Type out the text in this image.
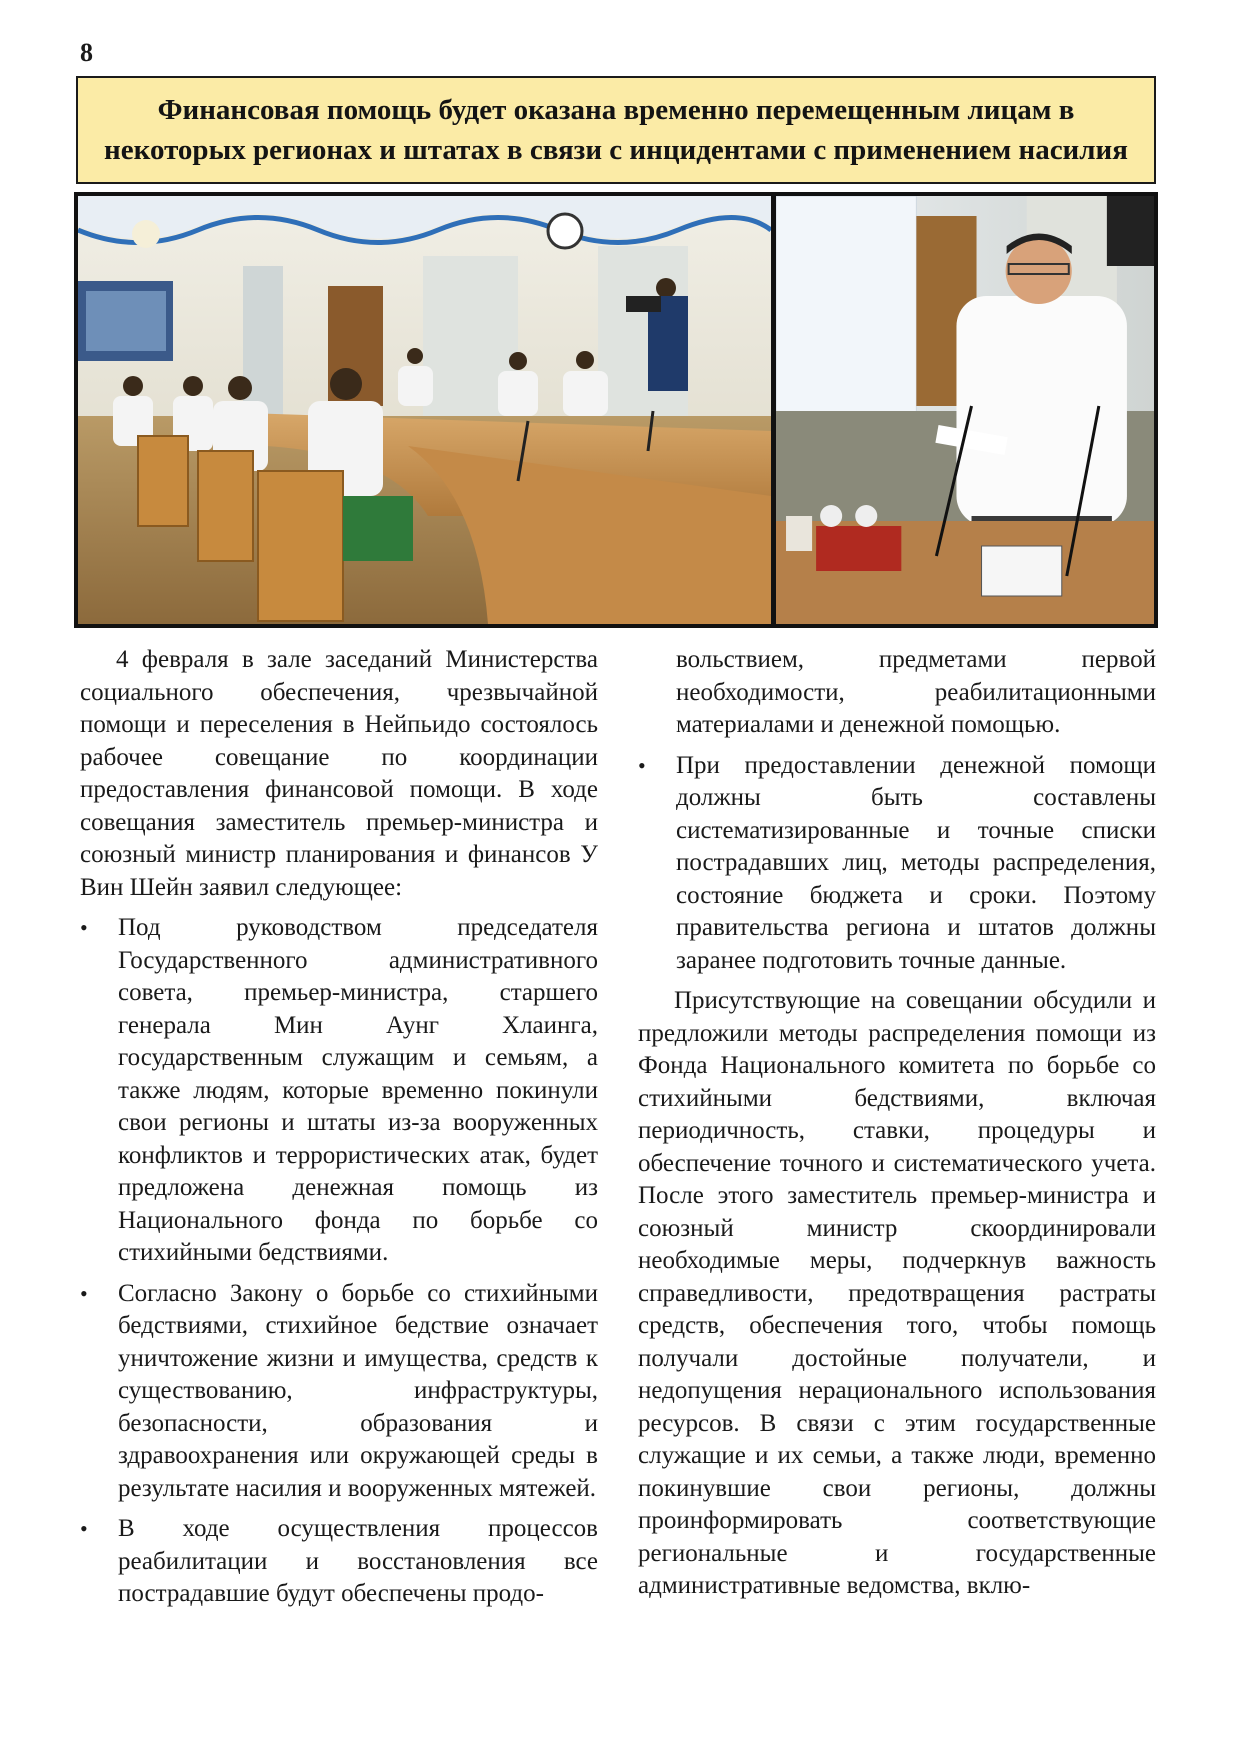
8
Финансовая помощь будет оказана временно перемещенным лицам в некоторых регионах и штатах в связи с инцидентами с применением насилия

4 февраля в зале заседаний Министерства социального обеспечения, чрезвычайной помощи и переселения в Нейпьидо состоялось рабочее совещание по координации предоставления финансовой помощи. В ходе совещания заместитель премьер-министра и союзный министр планирования и финансов У Вин Шейн заявил следующее:

• Под руководством председателя Государственного административного совета, премьер-министра, старшего генерала Мин Аунг Хлаинга, государственным служащим и семьям, а также людям, которые временно покинули свои регионы и штаты из-за вооруженных конфликтов и террористических атак, будет предложена денежная помощь из Национального фонда по борьбе со стихийными бедствиями.
• Согласно Закону о борьбе со стихийными бедствиями, стихийное бедствие означает уничтожение жизни и имущества, средств к существованию, инфраструктуры, безопасности, образования и здравоохранения или окружающей среды в результате насилия и вооруженных мятежей.
• В ходе осуществления процессов реабилитации и восстановления все пострадавшие будут обеспечены продо-
вольствием, предметами первой необходимости, реабилитационными материалами и денежной помощью.
• При предоставлении денежной помощи должны быть составлены систематизированные и точные списки пострадавших лиц, методы распределения, состояние бюджета и сроки. Поэтому правительства региона и штатов должны заранее подготовить точные данные.

Присутствующие на совещании обсудили и предложили методы распределения помощи из Фонда Национального комитета по борьбе со стихийными бедствиями, включая периодичность, ставки, процедуры и обеспечение точного и систематического учета. После этого заместитель премьер-министра и союзный министр скоординировали необходимые меры, подчеркнув важность справедливости, предотвращения растраты средств, обеспечения того, чтобы помощь получали достойные получатели, и недопущения нерационального использования ресурсов. В связи с этим государственные служащие и их семьи, а также люди, временно покинувшие свои регионы, должны проинформировать соответствующие региональные и государственные административные ведомства, вклю-
